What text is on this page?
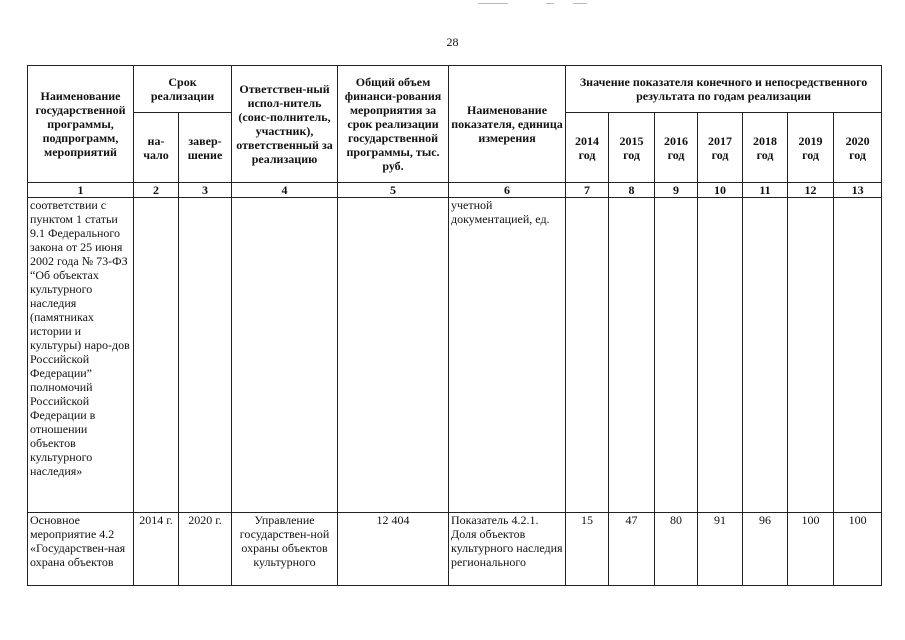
28
Наименование государственной программы, подпрограмм, мероприятий	Срок реализации		Ответствен-ный испол-нитель (соис-полнитель, участник), ответственный за реализацию	Общий объем финанси-рования мероприятия за срок реализации государственной программы, тыс. руб.	Наименование показателя, единица измерения	Значение показателя конечного и непосредственного результата по годам реализации						
	на-чало	завер-шение				2014 год	2015 год	2016 год	2017 год	2018 год	2019 год	2020 год
1	2	3	4	5	6	7	8	9	10	11	12	13
соответствии с пунктом 1 статьи 9.1 Федерального закона от 25 июня 2002 года № 73-ФЗ “Об объектах культурного наследия (памятниках истории и культуры) наро-дов Российской Федерации” полномочий Российской Федерации в отношении объектов культурного наследия»					учетной документацией, ед.							
Основное мероприятие 4.2 «Государствен-ная охрана объектов	2014 г.	2020 г.	Управление государствен-ной охраны объектов культурного	12 404	Показатель 4.2.1. Доля объектов культурного наследия регионального	15	47	80	91	96	100	100
